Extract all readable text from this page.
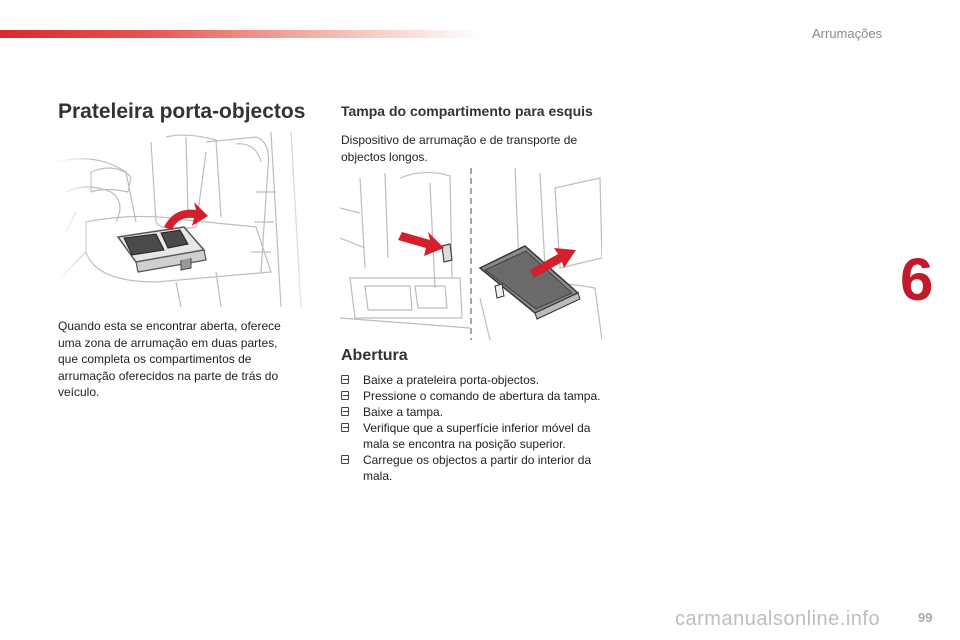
Arrumações
6
Prateleira porta-objectos
Quando esta se encontrar aberta, oferece uma zona de arrumação em duas partes, que completa os compartimentos de arrumação oferecidos na parte de trás do veículo.
Tampa do compartimento para esquis
Dispositivo de arrumação e de transporte de objectos longos.
Abertura
Baixe a prateleira porta-objectos.
Pressione o comando de abertura da tampa.
Baixe a tampa.
Verifique que a superfície inferior móvel da mala se encontra na posição superior.
Carregue os objectos a partir do interior da mala.
carmanualsonline.info	99
